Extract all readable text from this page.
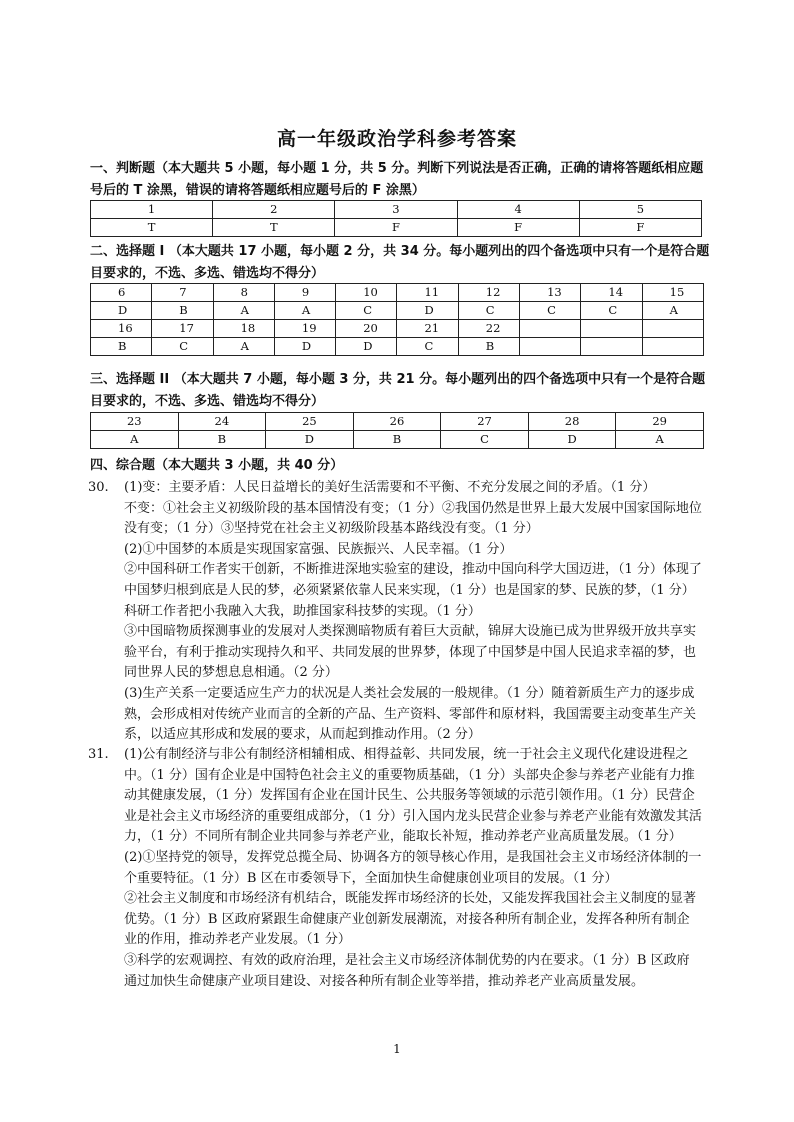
高一年级政治学科参考答案
一、判断题（本大题共 5 小题，每小题 1 分，共 5 分。判断下列说法是否正确，正确的请将答题纸相应题号后的 T 涂黑，错误的请将答题纸相应题号后的 F 涂黑）
1	2	3	4	5
T	T	F	F	F
二、选择题 I （本大题共 17 小题，每小题 2 分，共 34 分。每小题列出的四个备选项中只有一个是符合题目要求的，不选、多选、错选均不得分）
6	7	8	9	10	11	12	13	14	15
D	B	A	A	C	D	C	C	C	A
16	17	18	19	20	21	22			
B	C	A	D	D	C	B			
三、选择题 II （本大题共 7 小题，每小题 3 分，共 21 分。每小题列出的四个备选项中只有一个是符合题目要求的，不选、多选、错选均不得分）
23	24	25	26	27	28	29
A	B	D	B	C	D	A
四、综合题（本大题共 3 小题，共 40 分）
30. (1)变：主要矛盾：人民日益增长的美好生活需要和不平衡、不充分发展之间的矛盾。（1 分）

不变：①社会主义初级阶段的基本国情没有变；（1 分）②我国仍然是世界上最大发展中国家国际地位没有变；（1 分）③坚持党在社会主义初级阶段基本路线没有变。（1 分）

(2)①中国梦的本质是实现国家富强、民族振兴、人民幸福。（1 分）

②中国科研工作者实干创新，不断推进深地实验室的建设，推动中国向科学大国迈进，（1 分）体现了中国梦归根到底是人民的梦，必须紧紧依靠人民来实现，（1 分）也是国家的梦、民族的梦，（1 分）科研工作者把小我融入大我，助推国家科技梦的实现。（1 分）

③中国暗物质探测事业的发展对人类探测暗物质有着巨大贡献，锦屏大设施已成为世界级开放共享实验平台，有利于推动实现持久和平、共同发展的世界梦，体现了中国梦是中国人民追求幸福的梦，也同世界人民的梦想息息相通。（2 分）

(3)生产关系一定要适应生产力的状况是人类社会发展的一般规律。（1 分）随着新质生产力的逐步成熟，会形成相对传统产业而言的全新的产品、生产资料、零部件和原材料，我国需要主动变革生产关系，以适应其形成和发展的要求，从而起到推动作用。（2 分）

31. (1)公有制经济与非公有制经济相辅相成、相得益彰、共同发展，统一于社会主义现代化建设进程之中。（1 分）国有企业是中国特色社会主义的重要物质基础，（1 分）头部央企参与养老产业能有力推动其健康发展，（1 分）发挥国有企业在国计民生、公共服务等领域的示范引领作用。（1 分）民营企业是社会主义市场经济的重要组成部分，（1 分）引入国内龙头民营企业参与养老产业能有效激发其活力，（1 分）不同所有制企业共同参与养老产业，能取长补短，推动养老产业高质量发展。（1 分）

(2)①坚持党的领导，发挥党总揽全局、协调各方的领导核心作用，是我国社会主义市场经济体制的一个重要特征。（1 分）B 区在市委领导下，全面加快生命健康创业项目的发展。（1 分）

②社会主义制度和市场经济有机结合，既能发挥市场经济的长处，又能发挥我国社会主义制度的显著优势。（1 分）B 区政府紧跟生命健康产业创新发展潮流，对接各种所有制企业，发挥各种所有制企业的作用，推动养老产业发展。（1 分）

③科学的宏观调控、有效的政府治理，是社会主义市场经济体制优势的内在要求。（1 分）B 区政府通过加快生命健康产业项目建设、对接各种所有制企业等举措，推动养老产业高质量发展。

1
